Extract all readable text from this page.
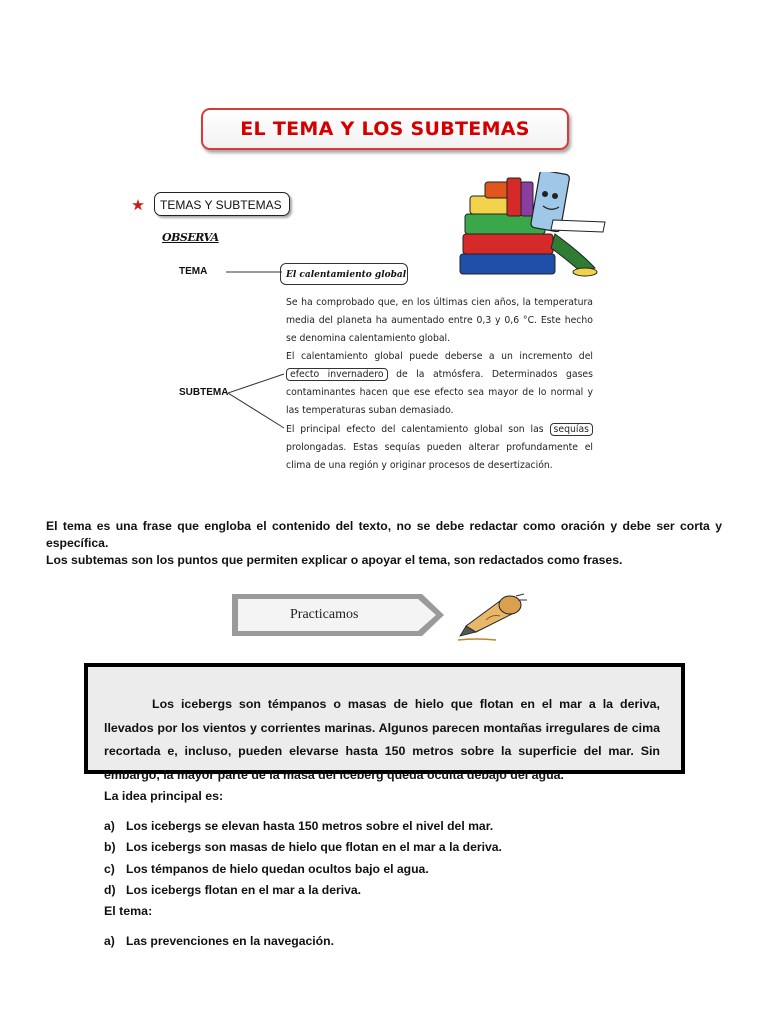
EL TEMA Y LOS SUBTEMAS
TEMAS Y SUBTEMAS
OBSERVA
TEMA	El calentamiento global
SUBTEMA
Se ha comprobado que, en los últimas cien años, la temperatura media del planeta ha aumentado entre 0,3 y 0,6 °C. Este hecho se denomina calentamiento global.
El calentamiento global puede deberse a un incremento del efecto invernadero de la atmósfera. Determinados gases contaminantes hacen que ese efecto sea mayor de lo normal y las temperaturas suban demasiado.
El principal efecto del calentamiento global son las sequías prolongadas. Estas sequías pueden alterar profundamente el clima de una región y originar procesos de desertización.
El tema es una frase que engloba el contenido del texto, no se debe redactar como oración y debe ser corta y específica.
Los subtemas son los puntos que permiten explicar o apoyar el tema, son redactados como frases.
Practicamos
Los icebergs son témpanos o masas de hielo que flotan en el mar a la deriva, llevados por los vientos y corrientes marinas. Algunos parecen montañas irregulares de cima recortada e, incluso, pueden elevarse hasta 150 metros sobre la superficie del mar. Sin embargo, la mayor parte de la masa del iceberg queda oculta debajo del agua.
La idea principal es:
a) Los icebergs se elevan hasta 150 metros sobre el nivel del mar.
b) Los icebergs son masas de hielo que flotan en el mar a la deriva.
c) Los témpanos de hielo quedan ocultos bajo el agua.
d) Los icebergs flotan en el mar a la deriva.
El tema:
a) Las prevenciones en la navegación.
